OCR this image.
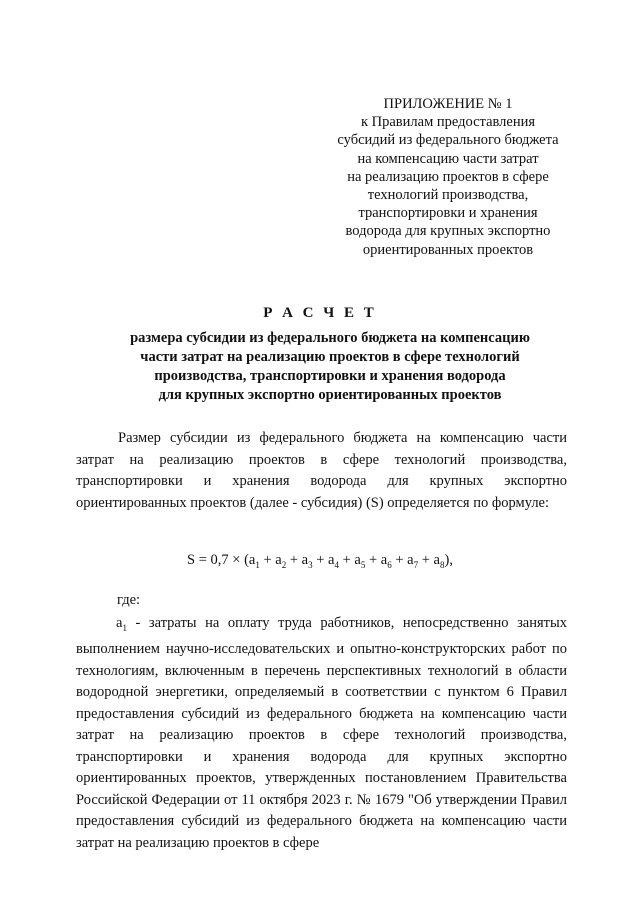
ПРИЛОЖЕНИЕ № 1
к Правилам предоставления
субсидий из федерального бюджета
на компенсацию части затрат
на реализацию проектов в сфере
технологий производства,
транспортировки и хранения
водорода для крупных экспортно
ориентированных проектов
Р А С Ч Е Т
размера субсидии из федерального бюджета на компенсацию
части затрат на реализацию проектов в сфере технологий
производства, транспортировки и хранения водорода
для крупных экспортно ориентированных проектов
Размер субсидии из федерального бюджета на компенсацию части затрат на реализацию проектов в сфере технологий производства, транспортировки и хранения водорода для крупных экспортно ориентированных проектов (далее - субсидия) (S) определяется по формуле:
$S = 0,7 \times (a_1 + a_2 + a_3 + a_4 + a_5 + a_6 + a_7 + a_8)$,
где:
$a_1$ - затраты на оплату труда работников, непосредственно занятых выполнением научно-исследовательских и опытно-конструкторских работ по технологиям, включенным в перечень перспективных технологий в области водородной энергетики, определяемый в соответствии с пунктом 6 Правил предоставления субсидий из федерального бюджета на компенсацию части затрат на реализацию проектов в сфере технологий производства, транспортировки и хранения водорода для крупных экспортно ориентированных проектов, утвержденных постановлением Правительства Российской Федерации от 11 октября 2023 г. № 1679 "Об утверждении Правил предоставления субсидий из федерального бюджета на компенсацию части затрат на реализацию проектов в сфере
